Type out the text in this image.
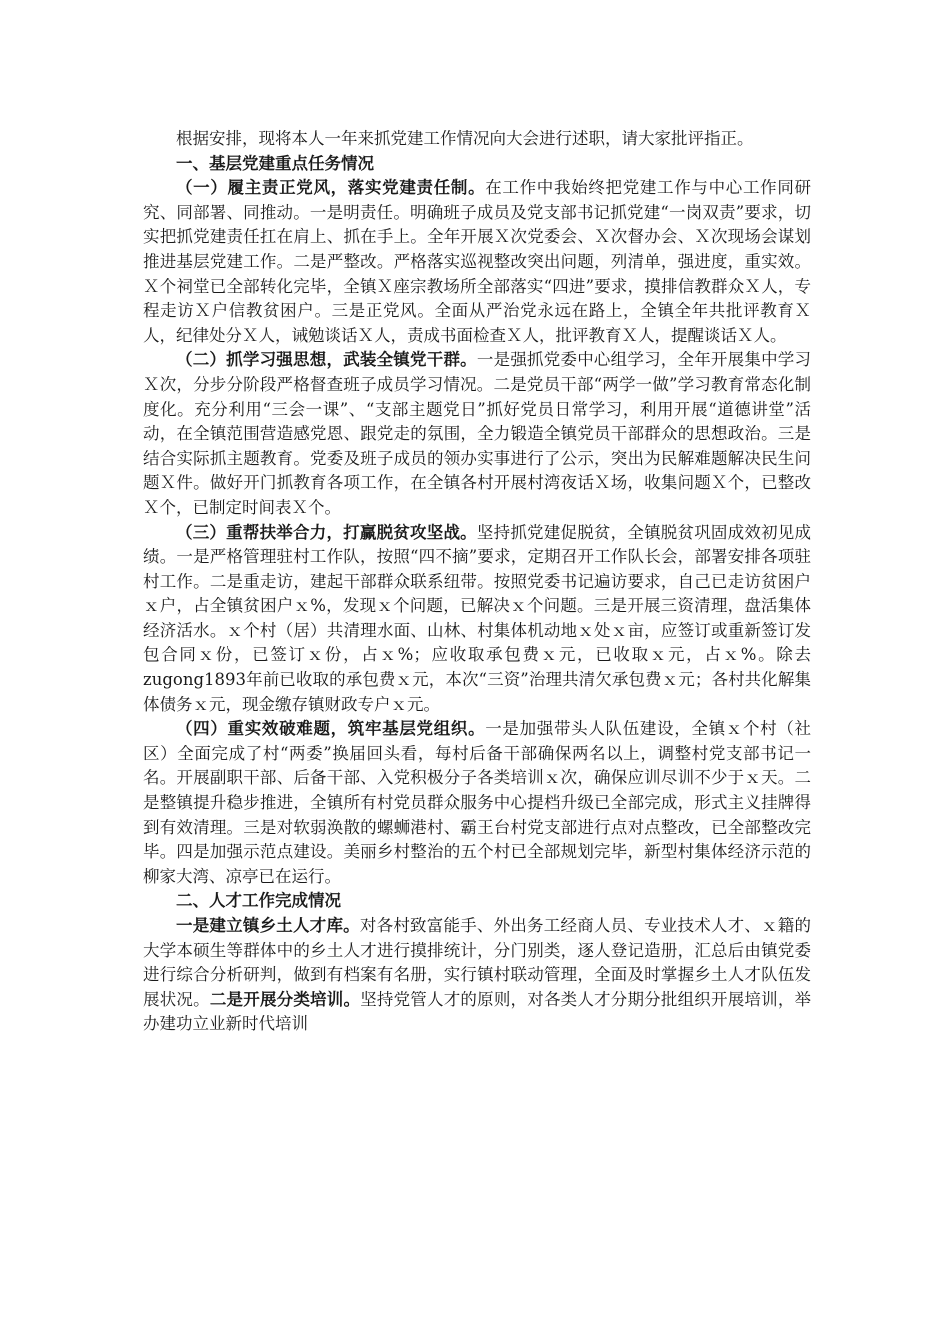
根据安排，现将本人一年来抓党建工作情况向大会进行述职，请大家批评指正。

一、基层党建重点任务情况

（一）履主责正党风，落实党建责任制。在工作中我始终把党建工作与中心工作同研究、同部署、同推动。一是明责任。明确班子成员及党支部书记抓党建“一岗双责”要求，切实把抓党建责任扛在肩上、抓在手上。全年开展Ｘ次党委会、Ｘ次督办会、Ｘ次现场会谋划推进基层党建工作。二是严整改。严格落实巡视整改突出问题，列清单，强进度，重实效。Ｘ个祠堂已全部转化完毕，全镇Ｘ座宗教场所全部落实“四进”要求，摸排信教群众Ｘ人，专程走访Ｘ户信教贫困户。三是正党风。全面从严治党永远在路上，全镇全年共批评教育Ｘ人，纪律处分Ｘ人，诫勉谈话Ｘ人，责成书面检查Ｘ人，批评教育Ｘ人，提醒谈话Ｘ人。

（二）抓学习强思想，武装全镇党干群。一是强抓党委中心组学习，全年开展集中学习Ｘ次，分步分阶段严格督查班子成员学习情况。二是党员干部“两学一做”学习教育常态化制度化。充分利用“三会一课”、“支部主题党日”抓好党员日常学习，利用开展“道德讲堂”活动，在全镇范围营造感党恩、跟党走的氛围，全力锻造全镇党员干部群众的思想政治。三是结合实际抓主题教育。党委及班子成员的领办实事进行了公示，突出为民解难题解决民生问题Ｘ件。做好开门抓教育各项工作，在全镇各村开展村湾夜话Ｘ场，收集问题Ｘ个，已整改Ｘ个，已制定时间表Ｘ个。

（三）重帮扶举合力，打赢脱贫攻坚战。坚持抓党建促脱贫，全镇脱贫巩固成效初见成绩。一是严格管理驻村工作队，按照“四不摘”要求，定期召开工作队长会，部署安排各项驻村工作。二是重走访，建起干部群众联系纽带。按照党委书记遍访要求，自己已走访贫困户ｘ户，占全镇贫困户ｘ%，发现ｘ个问题，已解决ｘ个问题。三是开展三资清理，盘活集体经济活水。ｘ个村（居）共清理水面、山林、村集体机动地ｘ处ｘ亩，应签订或重新签订发包合同ｘ份，已签订ｘ份，占ｘ%；应收取承包费ｘ元，已收取ｘ元，占ｘ%。除去zugong1893年前已收取的承包费ｘ元，本次“三资”治理共清欠承包费ｘ元；各村共化解集体债务ｘ元，现金缴存镇财政专户ｘ元。

（四）重实效破难题，筑牢基层党组织。一是加强带头人队伍建设，全镇ｘ个村（社区）全面完成了村“两委”换届回头看，每村后备干部确保两名以上，调整村党支部书记一名。开展副职干部、后备干部、入党积极分子各类培训ｘ次，确保应训尽训不少于ｘ天。二是整镇提升稳步推进，全镇所有村党员群众服务中心提档升级已全部完成，形式主义挂牌得到有效清理。三是对软弱涣散的螺蛳港村、霸王台村党支部进行点对点整改，已全部整改完毕。四是加强示范点建设。美丽乡村整治的五个村已全部规划完毕，新型村集体经济示范的柳家大湾、凉亭已在运行。

二、人才工作完成情况

一是建立镇乡土人才库。对各村致富能手、外出务工经商人员、专业技术人才、ｘ籍的大学本硕生等群体中的乡土人才进行摸排统计，分门别类，逐人登记造册，汇总后由镇党委进行综合分析研判，做到有档案有名册，实行镇村联动管理，全面及时掌握乡土人才队伍发展状况。二是开展分类培训。坚持党管人才的原则，对各类人才分期分批组织开展培训，举办建功立业新时代培训
